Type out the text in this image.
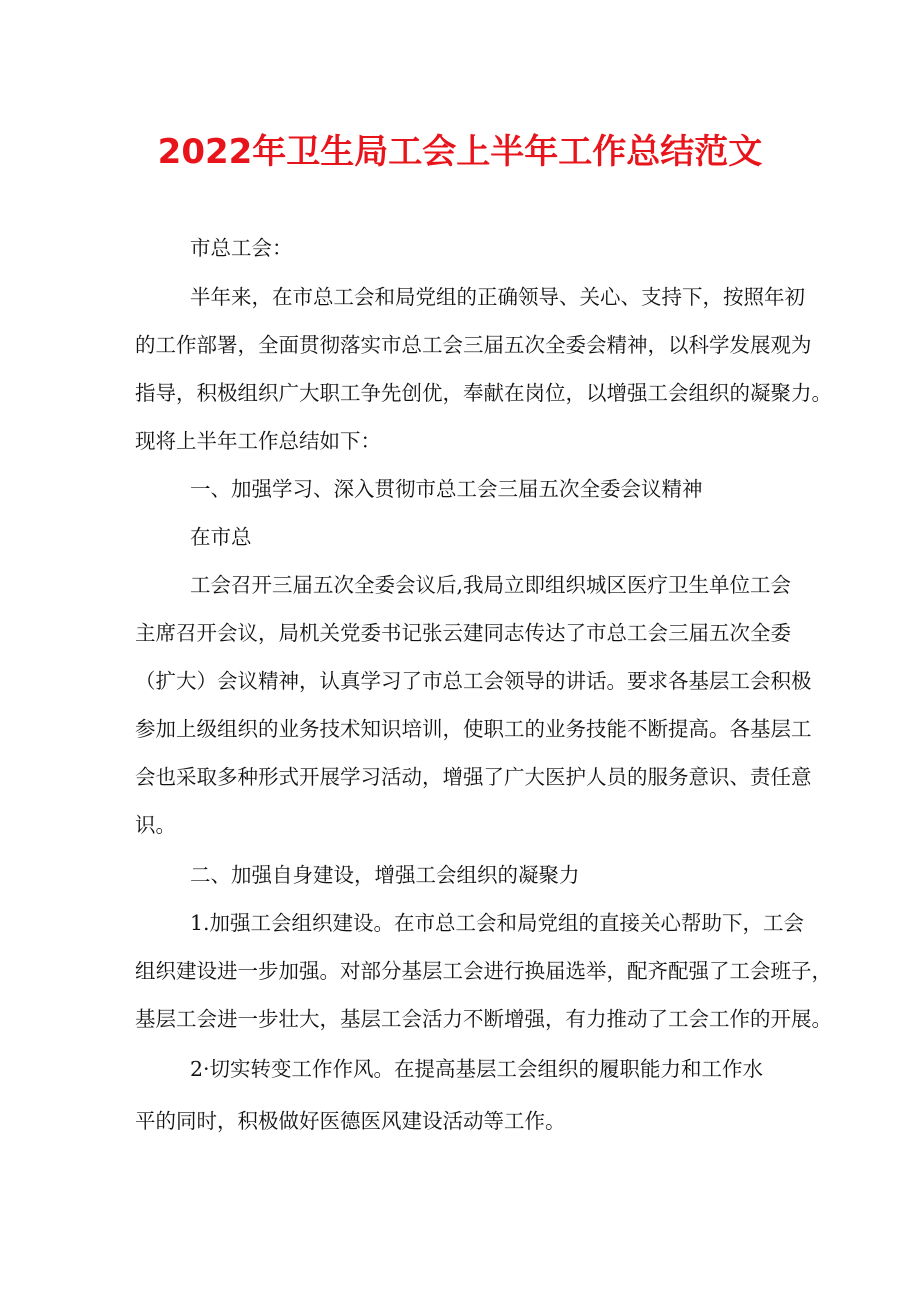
2022年卫生局工会上半年工作总结范文
市总工会：
半年来，在市总工会和局党组的正确领导、关心、支持下，按照年初
的工作部署，全面贯彻落实市总工会三届五次全委会精神，以科学发展观为
指导，积极组织广大职工争先创优，奉献在岗位，以增强工会组织的凝聚力。
现将上半年工作总结如下：
一、加强学习、深入贯彻市总工会三届五次全委会议精神
在市总
工会召开三届五次全委会议后,我局立即组织城区医疗卫生单位工会
主席召开会议，局机关党委书记张云建同志传达了市总工会三届五次全委
（扩大）会议精神，认真学习了市总工会领导的讲话。要求各基层工会积极
参加上级组织的业务技术知识培训，使职工的业务技能不断提高。各基层工
会也采取多种形式开展学习活动，增强了广大医护人员的服务意识、责任意
识。
二、加强自身建设，增强工会组织的凝聚力
1.加强工会组织建设。在市总工会和局党组的直接关心帮助下，工会
组织建设进一步加强。对部分基层工会进行换届选举，配齐配强了工会班子，
基层工会进一步壮大，基层工会活力不断增强，有力推动了工会工作的开展。
2·切实转变工作作风。在提高基层工会组织的履职能力和工作水
平的同时，积极做好医德医风建设活动等工作。
